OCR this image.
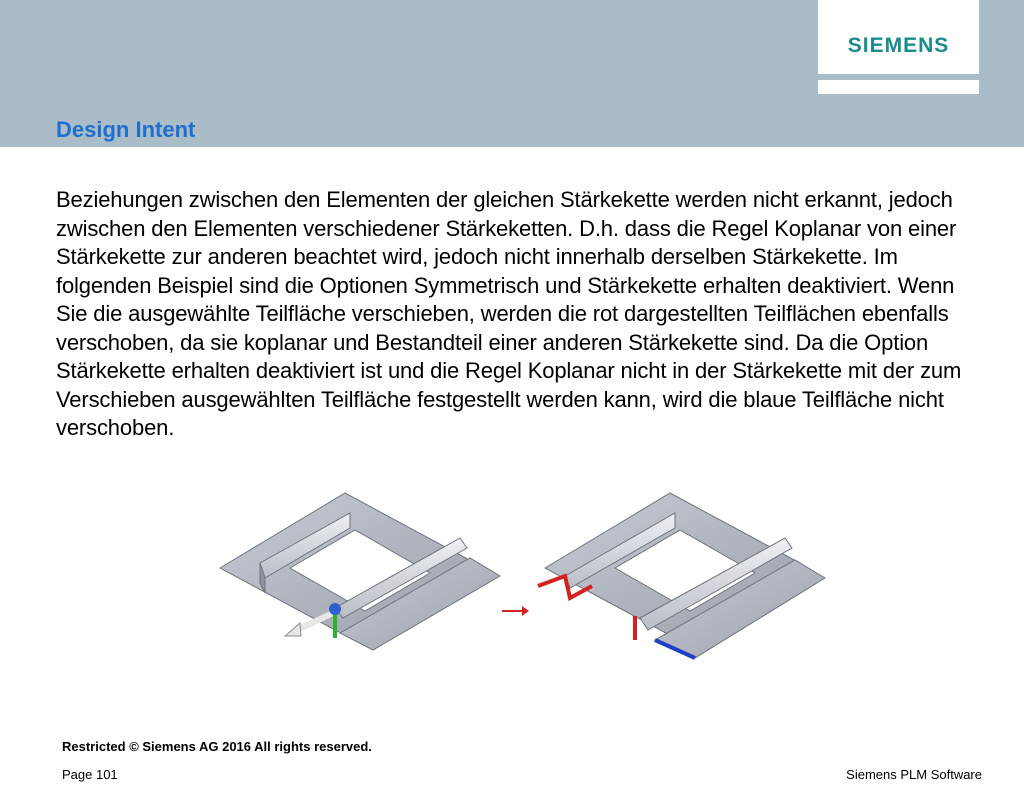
SIEMENS
Design Intent

Beziehungen zwischen den Elementen der gleichen Stärkekette werden nicht erkannt, jedoch zwischen den Elementen verschiedener Stärkeketten. D.h. dass die Regel Koplanar von einer Stärkekette zur anderen beachtet wird, jedoch nicht innerhalb derselben Stärkekette. Im folgenden Beispiel sind die Optionen Symmetrisch und Stärkekette erhalten deaktiviert. Wenn Sie die ausgewählte Teilfläche verschieben, werden die rot dargestellten Teilflächen ebenfalls verschoben, da sie koplanar und Bestandteil einer anderen Stärkekette sind. Da die Option Stärkekette erhalten deaktiviert ist und die Regel Koplanar nicht in der Stärkekette mit der zum Verschieben ausgewählten Teilfläche festgestellt werden kann, wird die blaue Teilfläche nicht verschoben.

Restricted © Siemens AG 2016 All rights reserved.
Page 101	Siemens PLM Software
